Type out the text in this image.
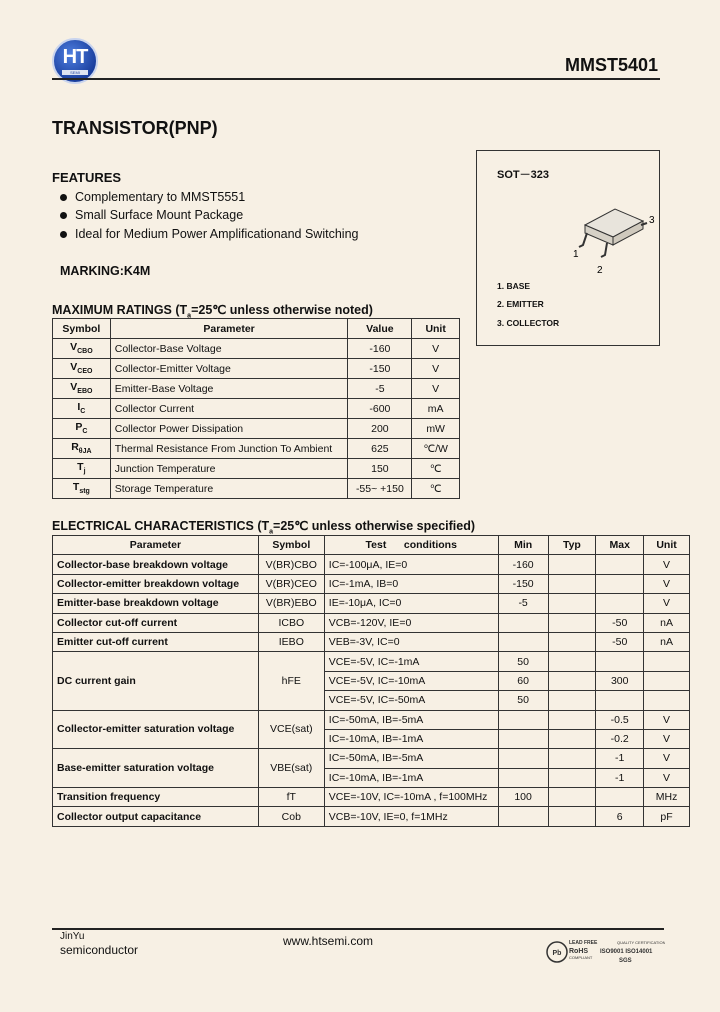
HT
SEMI	MMST5401
TRANSISTOR(PNP)
FEATURES
Complementary to MMST5551
Small Surface Mount Package
Ideal for Medium Power Amplificationand Switching
MARKING:K4M
SOT－323
1
2
3
1. BASE
2. EMITTER
3. COLLECTOR
MAXIMUM RATINGS ($T_a=25℃$ unless otherwise noted)
Symbol	Parameter	Value	Unit
$V_{CBO}$	Collector-Base Voltage	-160	V
$V_{CEO}$	Collector-Emitter Voltage	-150	V
$V_{EBO}$	Emitter-Base Voltage	-5	V
$I_C$	Collector Current	-600	mA
$P_C$	Collector Power Dissipation	200	mW
$R_{\theta JA}$	Thermal Resistance From Junction To Ambient	625	℃/W
$T_j$	Junction Temperature	150	℃
$T_{stg}$	Storage Temperature	-55~ +150	℃
ELECTRICAL CHARACTERISTICS ($T_a=25℃$ unless otherwise specified)
Parameter	Symbol	Test      conditions	Min	Typ	Max	Unit
Collector-base breakdown voltage	V(BR)CBO	IC=-100μA, IE=0	-160			V
Collector-emitter breakdown voltage	V(BR)CEO	IC=-1mA, IB=0	-150			V
Emitter-base breakdown voltage	V(BR)EBO	IE=-10μA, IC=0	-5			V
Collector cut-off current	ICBO	VCB=-120V, IE=0			-50	nA
Emitter cut-off current	IEBO	VEB=-3V, IC=0			-50	nA
DC current gain	hFE	VCE=-5V, IC=-1mA	50			
		VCE=-5V, IC=-10mA	60		300	
		VCE=-5V, IC=-50mA	50			
Collector-emitter saturation voltage	VCE(sat)	IC=-50mA, IB=-5mA			-0.5	V
		IC=-10mA, IB=-1mA			-0.2	V
Base-emitter saturation voltage	VBE(sat)	IC=-50mA, IB=-5mA			-1	V
		IC=-10mA, IB=-1mA			-1	V
Transition frequency	fT	VCE=-10V, IC=-10mA , f=100MHz	100			MHz
Collector output capacitance	Cob	VCB=-10V, IE=0, f=1MHz			6	pF
JinYu
semiconductor
www.htsemi.com
Pb
LEAD FREE
RoHS
COMPLIANT
QUALITY CERTIFICATION
ISO9001 ISO14001
SGS
